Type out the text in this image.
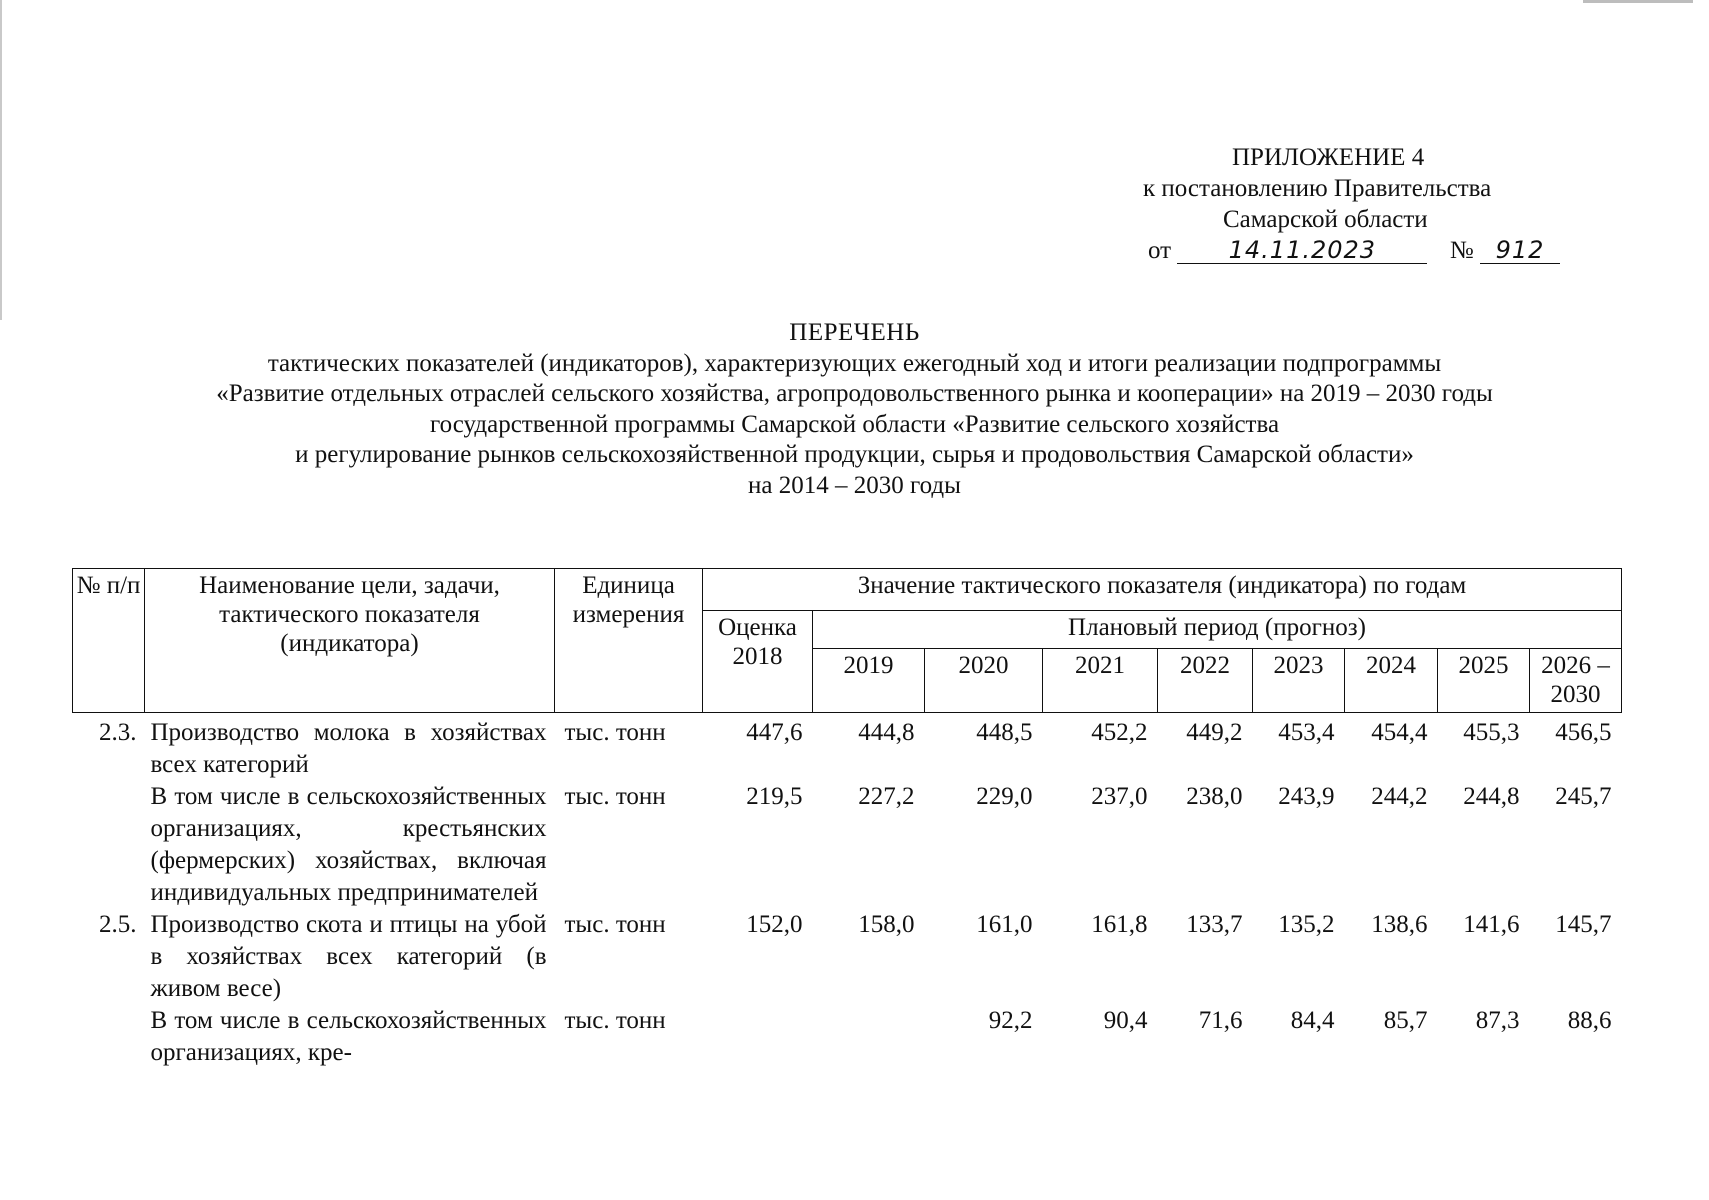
ПРИЛОЖЕНИЕ 4
к постановлению Правительства
Самарской области
от 14.11.2023	№ 912
ПЕРЕЧЕНЬ
тактических показателей (индикаторов), характеризующих ежегодный ход и итоги реализации подпрограммы
«Развитие отдельных отраслей сельского хозяйства, агропродовольственного рынка и кооперации» на 2019 – 2030 годы
государственной программы Самарской области «Развитие сельского хозяйства
и регулирование рынков сельскохозяйственной продукции, сырья и продовольствия Самарской области»
на 2014 – 2030 годы
№ п/п	Наименование цели, задачи, тактического показателя (индикатора)	Единица измерения	Значение тактического показателя (индикатора) по годам								
			Оценка 2018	Плановый период (прогноз)							
				2019	2020	2021	2022	2023	2024	2025	2026 – 2030
2.3.	Производство молока в хозяйствах всех категорий	тыс. тонн	447,6	444,8	448,5	452,2	449,2	453,4	454,4	455,3	456,5
	В том числе в сельскохозяйственных организациях, крестьянских (фермерских) хозяйствах, включая индивидуальных предпринимателей	тыс. тонн	219,5	227,2	229,0	237,0	238,0	243,9	244,2	244,8	245,7
2.5.	Производство скота и птицы на убой в хозяйствах всех категорий (в живом весе)	тыс. тонн	152,0	158,0	161,0	161,8	133,7	135,2	138,6	141,6	145,7
	В том числе в сельскохозяйственных организациях, кре-	тыс. тонн			92,2	90,4	71,6	84,4	85,7	87,3	88,6
